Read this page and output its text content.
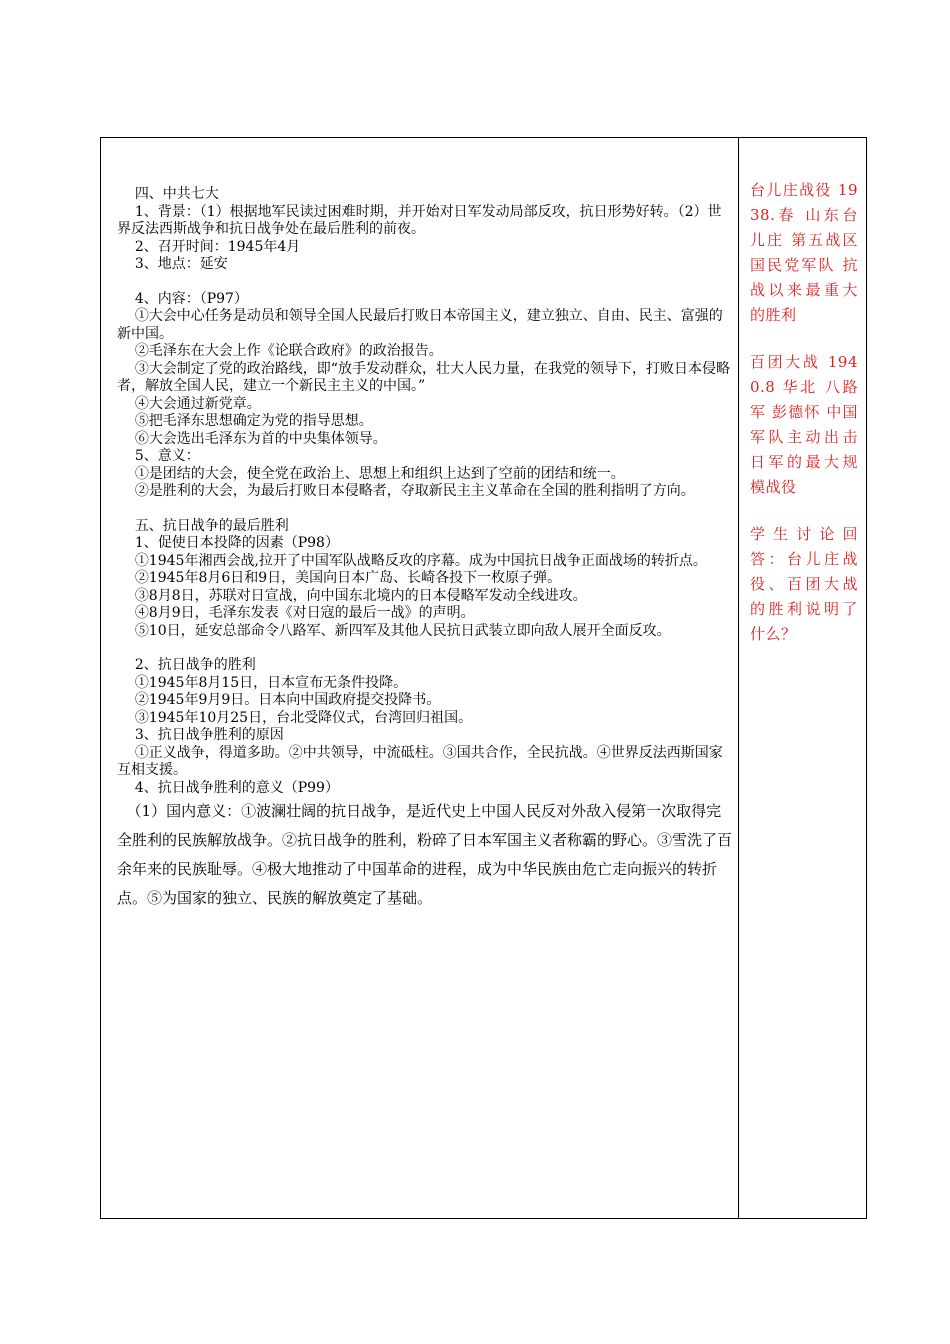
四、中共七大

1、背景：（1）根据地军民读过困难时期，并开始对日军发动局部反攻，抗日形势好转。（2）世界反法西斯战争和抗日战争处在最后胜利的前夜。

2、召开时间：1945年4月

3、地点：延安

4、内容：（P97）

①大会中心任务是动员和领导全国人民最后打败日本帝国主义，建立独立、自由、民主、富强的新中国。

②毛泽东在大会上作《论联合政府》的政治报告。

③大会制定了党的政治路线，即“放手发动群众，壮大人民力量，在我党的领导下，打败日本侵略者，解放全国人民，建立一个新民主主义的中国。”

④大会通过新党章。

⑤把毛泽东思想确定为党的指导思想。

⑥大会选出毛泽东为首的中央集体领导。

5、意义：

①是团结的大会，使全党在政治上、思想上和组织上达到了空前的团结和统一。

②是胜利的大会，为最后打败日本侵略者，夺取新民主主义革命在全国的胜利指明了方向。

五、抗日战争的最后胜利

1、促使日本投降的因素（P98）

①1945年湘西会战,拉开了中国军队战略反攻的序幕。成为中国抗日战争正面战场的转折点。

②1945年8月6日和9日，美国向日本广岛、长崎各投下一枚原子弹。

③8月8日，苏联对日宣战，向中国东北境内的日本侵略军发动全线进攻。

④8月9日，毛泽东发表《对日寇的最后一战》的声明。

⑤10日，延安总部命令八路军、新四军及其他人民抗日武装立即向敌人展开全面反攻。

2、抗日战争的胜利

①1945年8月15日，日本宣布无条件投降。

②1945年9月9日。日本向中国政府提交投降书。

③1945年10月25日，台北受降仪式，台湾回归祖国。

3、抗日战争胜利的原因

①正义战争，得道多助。②中共领导，中流砥柱。③国共合作，全民抗战。④世界反法西斯国家互相支援。

4、抗日战争胜利的意义（P99）

（1）国内意义：①波澜壮阔的抗日战争，是近代史上中国人民反对外敌入侵第一次取得完全胜利的民族解放战争。②抗日战争的胜利，粉碎了日本军国主义者称霸的野心。③雪洗了百余年来的民族耻辱。④极大地推动了中国革命的进程，成为中华民族由危亡走向振兴的转折点。⑤为国家的独立、民族的解放奠定了基础。

台儿庄战役 1938.春 山东台儿庄 第五战区国民党军队 抗战以来最重大的胜利

百团大战 1940.8 华北 八路军 彭德怀 中国军队主动出击日军的最大规模战役

学生讨论回答：台儿庄战役、百团大战的胜利说明了什么？
